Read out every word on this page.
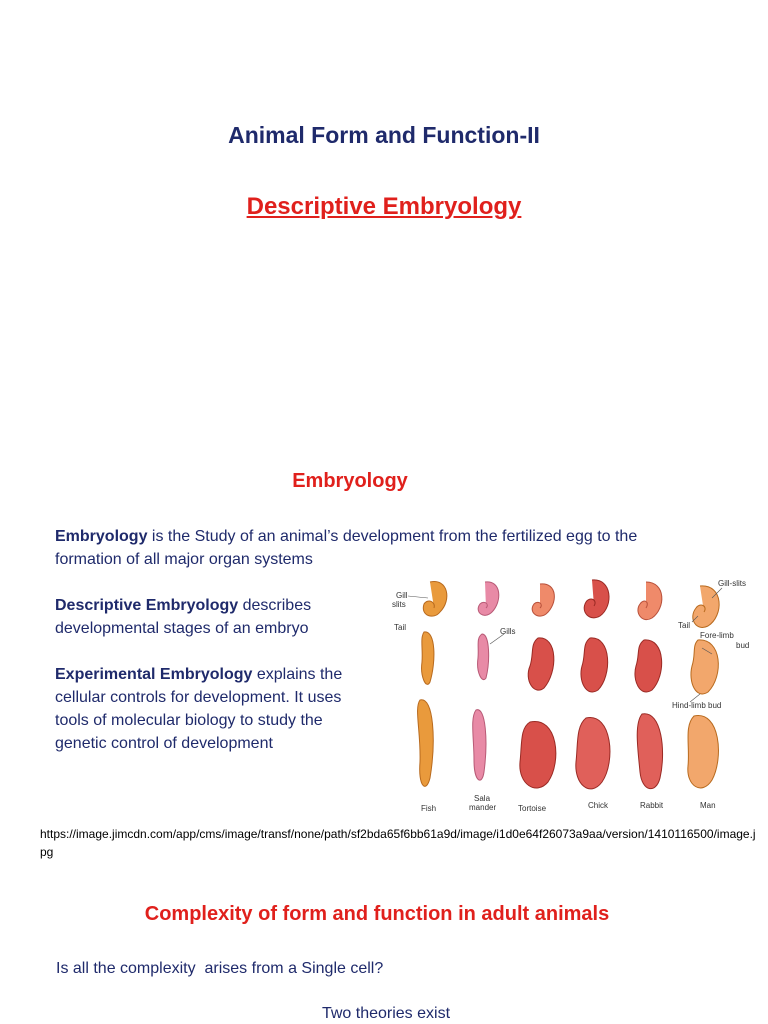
Animal Form and Function-II
Descriptive Embryology
Embryology
Embryology is the Study of an animal’s development from the fertilized egg to the formation of all major organ systems
Descriptive Embryology describes developmental stages of an embryo
Experimental Embryology explains the cellular controls for development. It uses tools of molecular biology to study the genetic control of development
Gill
slits
Tail	Gills
Gill-slits
Tail
Fore-limb
bud
Hind-limb bud
Fish
Sala
mander	Tortoise	Chick	Rabbit	Man
https://image.jimcdn.com/app/cms/image/transf/none/path/sf2bda65f6bb61a9d/image/i1d0e64f26073a9aa/version/1410116500/image.jpg
Complexity of form and function in adult animals
Is all the complexity  arises from a Single cell?
Two theories exist
